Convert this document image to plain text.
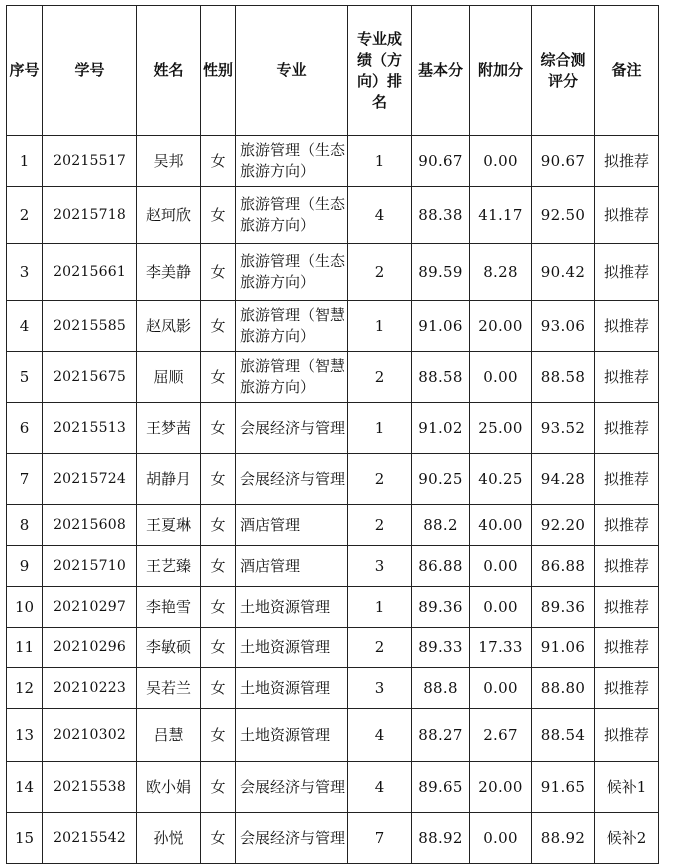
序号	学号	姓名	性别	专业	专业成绩（方向）排名	基本分	附加分	综合测评分	备注
1	20215517	吴邦	女	旅游管理（生态旅游方向）	1	90.67	0.00	90.67	拟推荐
2	20215718	赵珂欣	女	旅游管理（生态旅游方向）	4	88.38	41.17	92.50	拟推荐
3	20215661	李美静	女	旅游管理（生态旅游方向）	2	89.59	8.28	90.42	拟推荐
4	20215585	赵凤影	女	旅游管理（智慧旅游方向）	1	91.06	20.00	93.06	拟推荐
5	20215675	屈顺	女	旅游管理（智慧旅游方向）	2	88.58	0.00	88.58	拟推荐
6	20215513	王梦茜	女	会展经济与管理	1	91.02	25.00	93.52	拟推荐
7	20215724	胡静月	女	会展经济与管理	2	90.25	40.25	94.28	拟推荐
8	20215608	王夏琳	女	酒店管理	2	88.2	40.00	92.20	拟推荐
9	20215710	王艺臻	女	酒店管理	3	86.88	0.00	86.88	拟推荐
10	20210297	李艳雪	女	土地资源管理	1	89.36	0.00	89.36	拟推荐
11	20210296	李敏硕	女	土地资源管理	2	89.33	17.33	91.06	拟推荐
12	20210223	吴若兰	女	土地资源管理	3	88.8	0.00	88.80	拟推荐
13	20210302	吕慧	女	土地资源管理	4	88.27	2.67	88.54	拟推荐
14	20215538	欧小娟	女	会展经济与管理	4	89.65	20.00	91.65	候补1
15	20215542	孙悦	女	会展经济与管理	7	88.92	0.00	88.92	候补2
